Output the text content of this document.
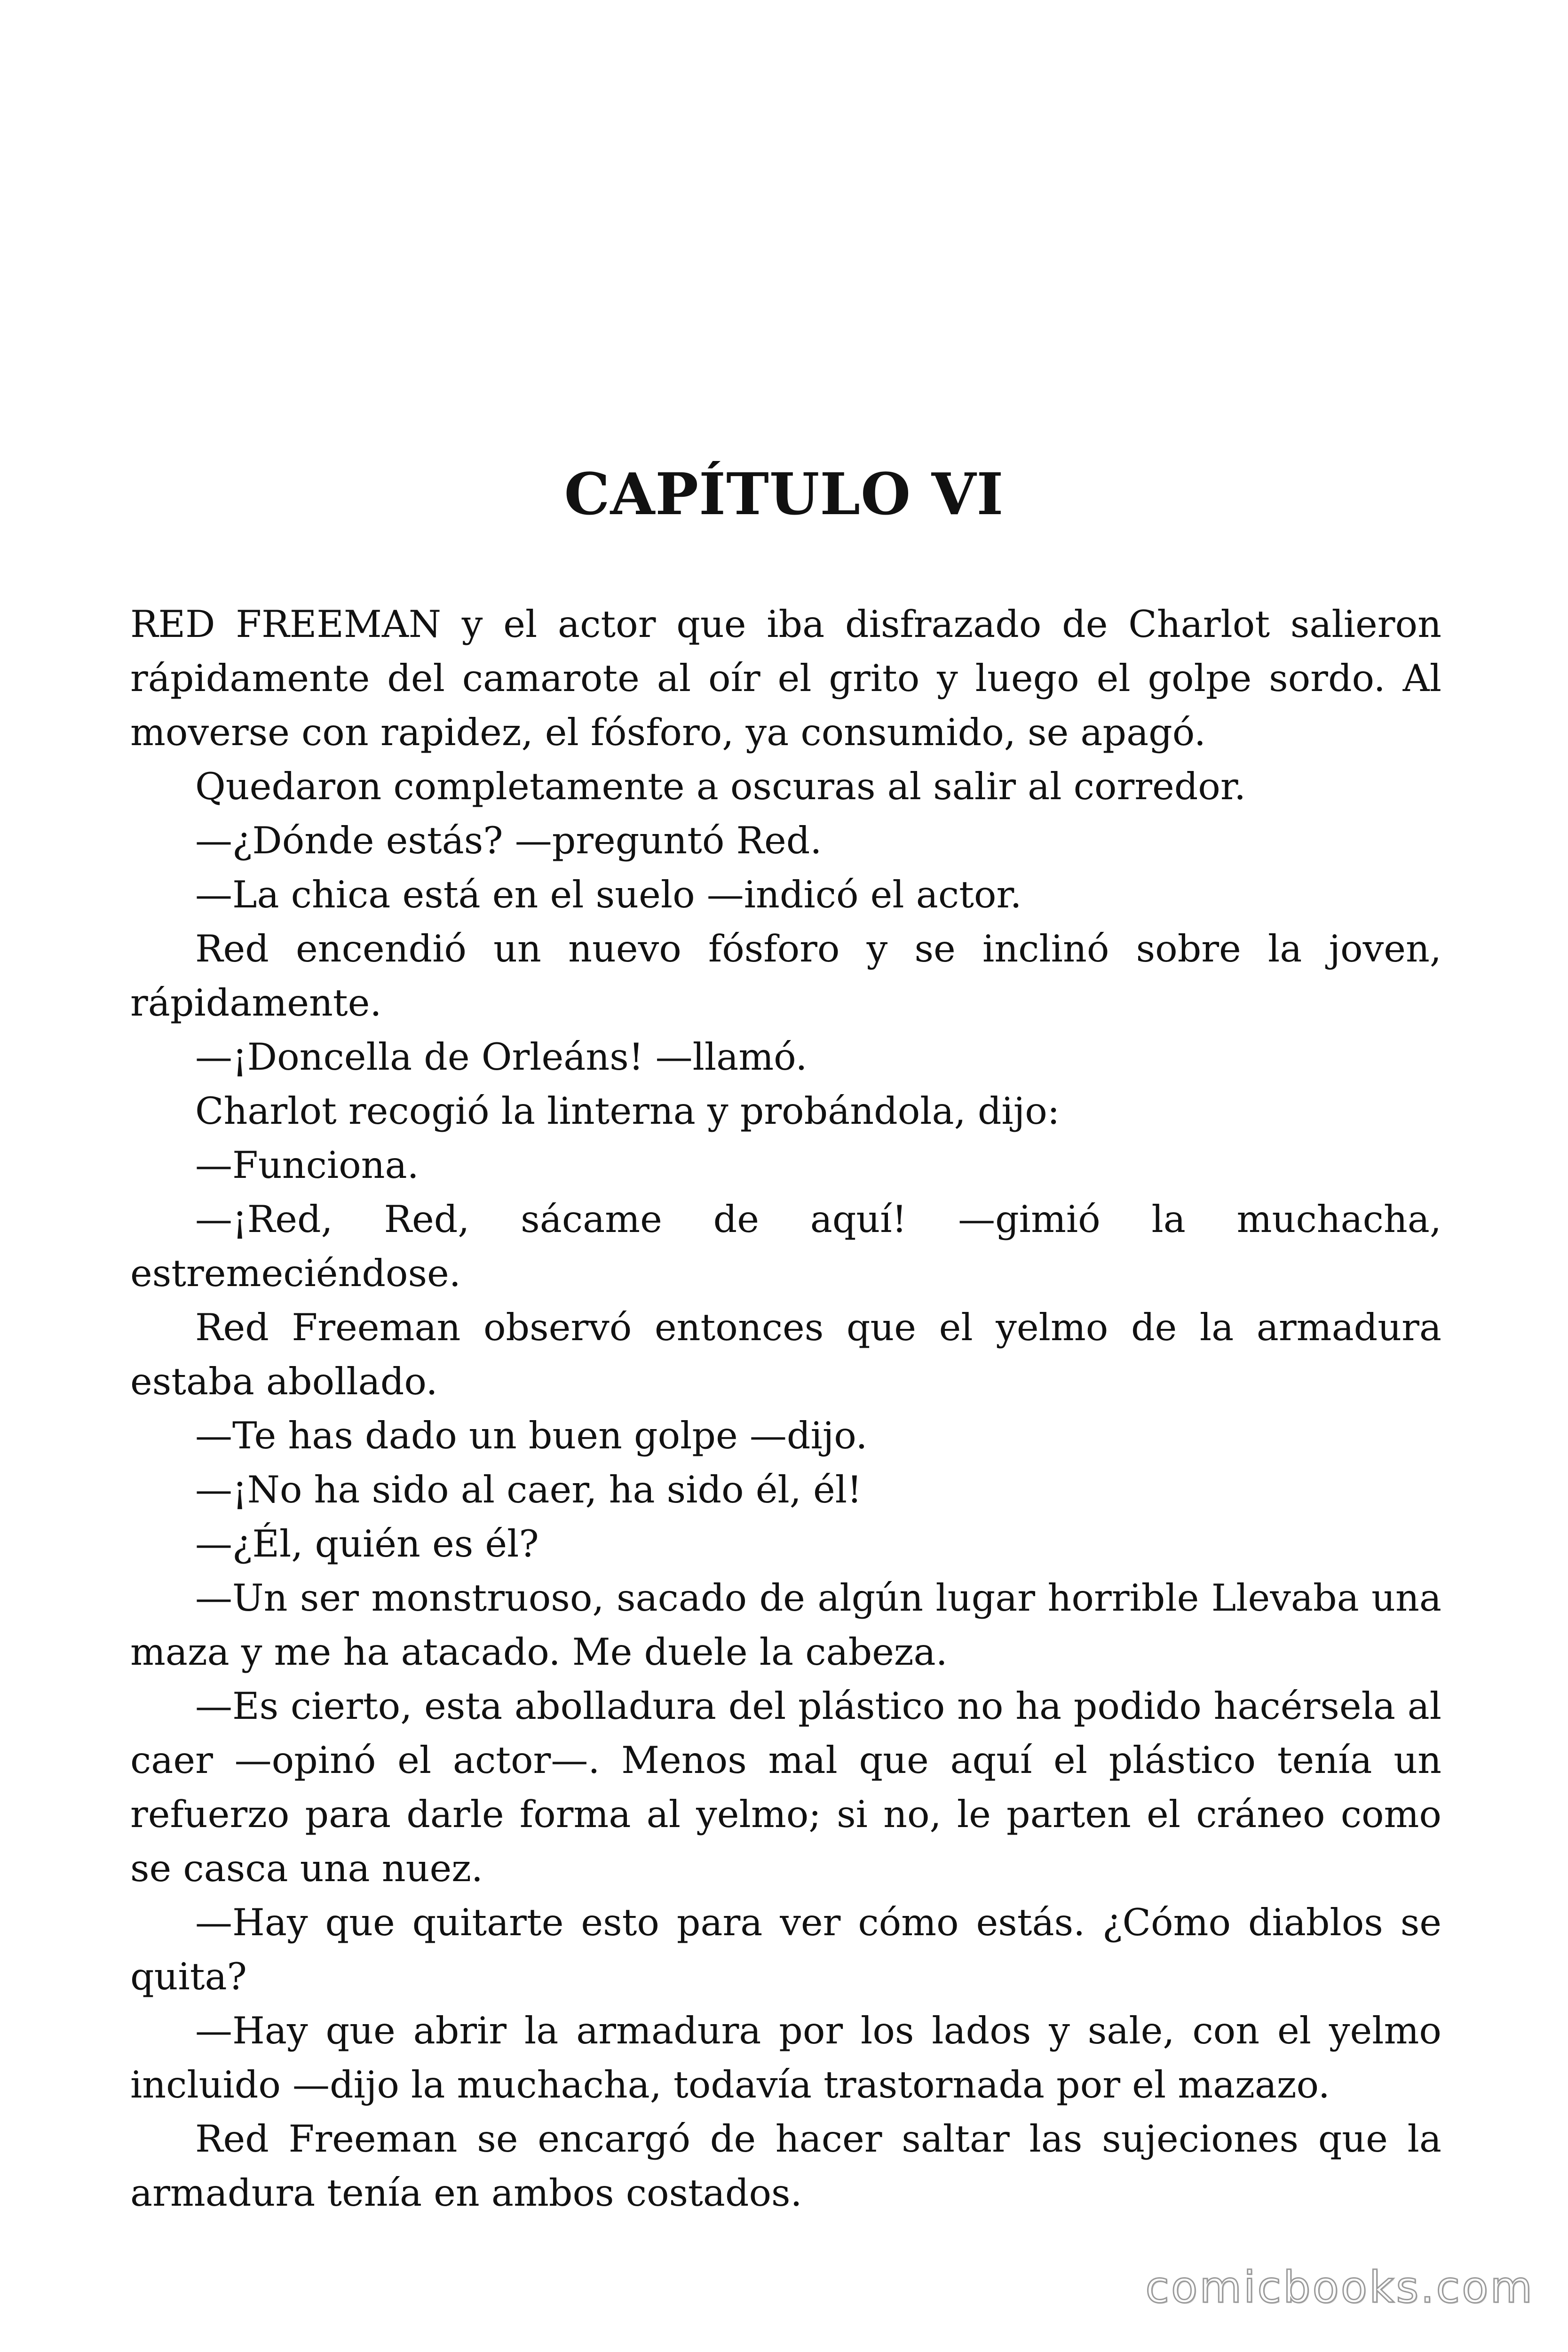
CAPÍTULO VI

RED FREEMAN y el actor que iba disfrazado de Charlot salieron rápidamente del camarote al oír el grito y luego el golpe sordo. Al moverse con rapidez, el fósforo, ya consumido, se apagó.

Quedaron completamente a oscuras al salir al corredor.

—¿Dónde estás? —preguntó Red.

—La chica está en el suelo —indicó el actor.

Red encendió un nuevo fósforo y se inclinó sobre la joven, rápidamente.

—¡Doncella de Orleáns! —llamó.

Charlot recogió la linterna y probándola, dijo:

—Funciona.

—¡Red, Red, sácame de aquí! —gimió la muchacha, estremeciéndose.

Red Freeman observó entonces que el yelmo de la armadura estaba abollado.

—Te has dado un buen golpe —dijo.

—¡No ha sido al caer, ha sido él, él!

—¿Él, quién es él?

—Un ser monstruoso, sacado de algún lugar horrible Llevaba una maza y me ha atacado. Me duele la cabeza.

—Es cierto, esta abolladura del plástico no ha podido hacérsela al caer —opinó el actor—. Menos mal que aquí el plástico tenía un refuerzo para darle forma al yelmo; si no, le parten el cráneo como se casca una nuez.

—Hay que quitarte esto para ver cómo estás. ¿Cómo diablos se quita?

—Hay que abrir la armadura por los lados y sale, con el yelmo incluido —dijo la muchacha, todavía trastornada por el mazazo.

Red Freeman se encargó de hacer saltar las sujeciones que la armadura tenía en ambos costados.

comicbooks.com
